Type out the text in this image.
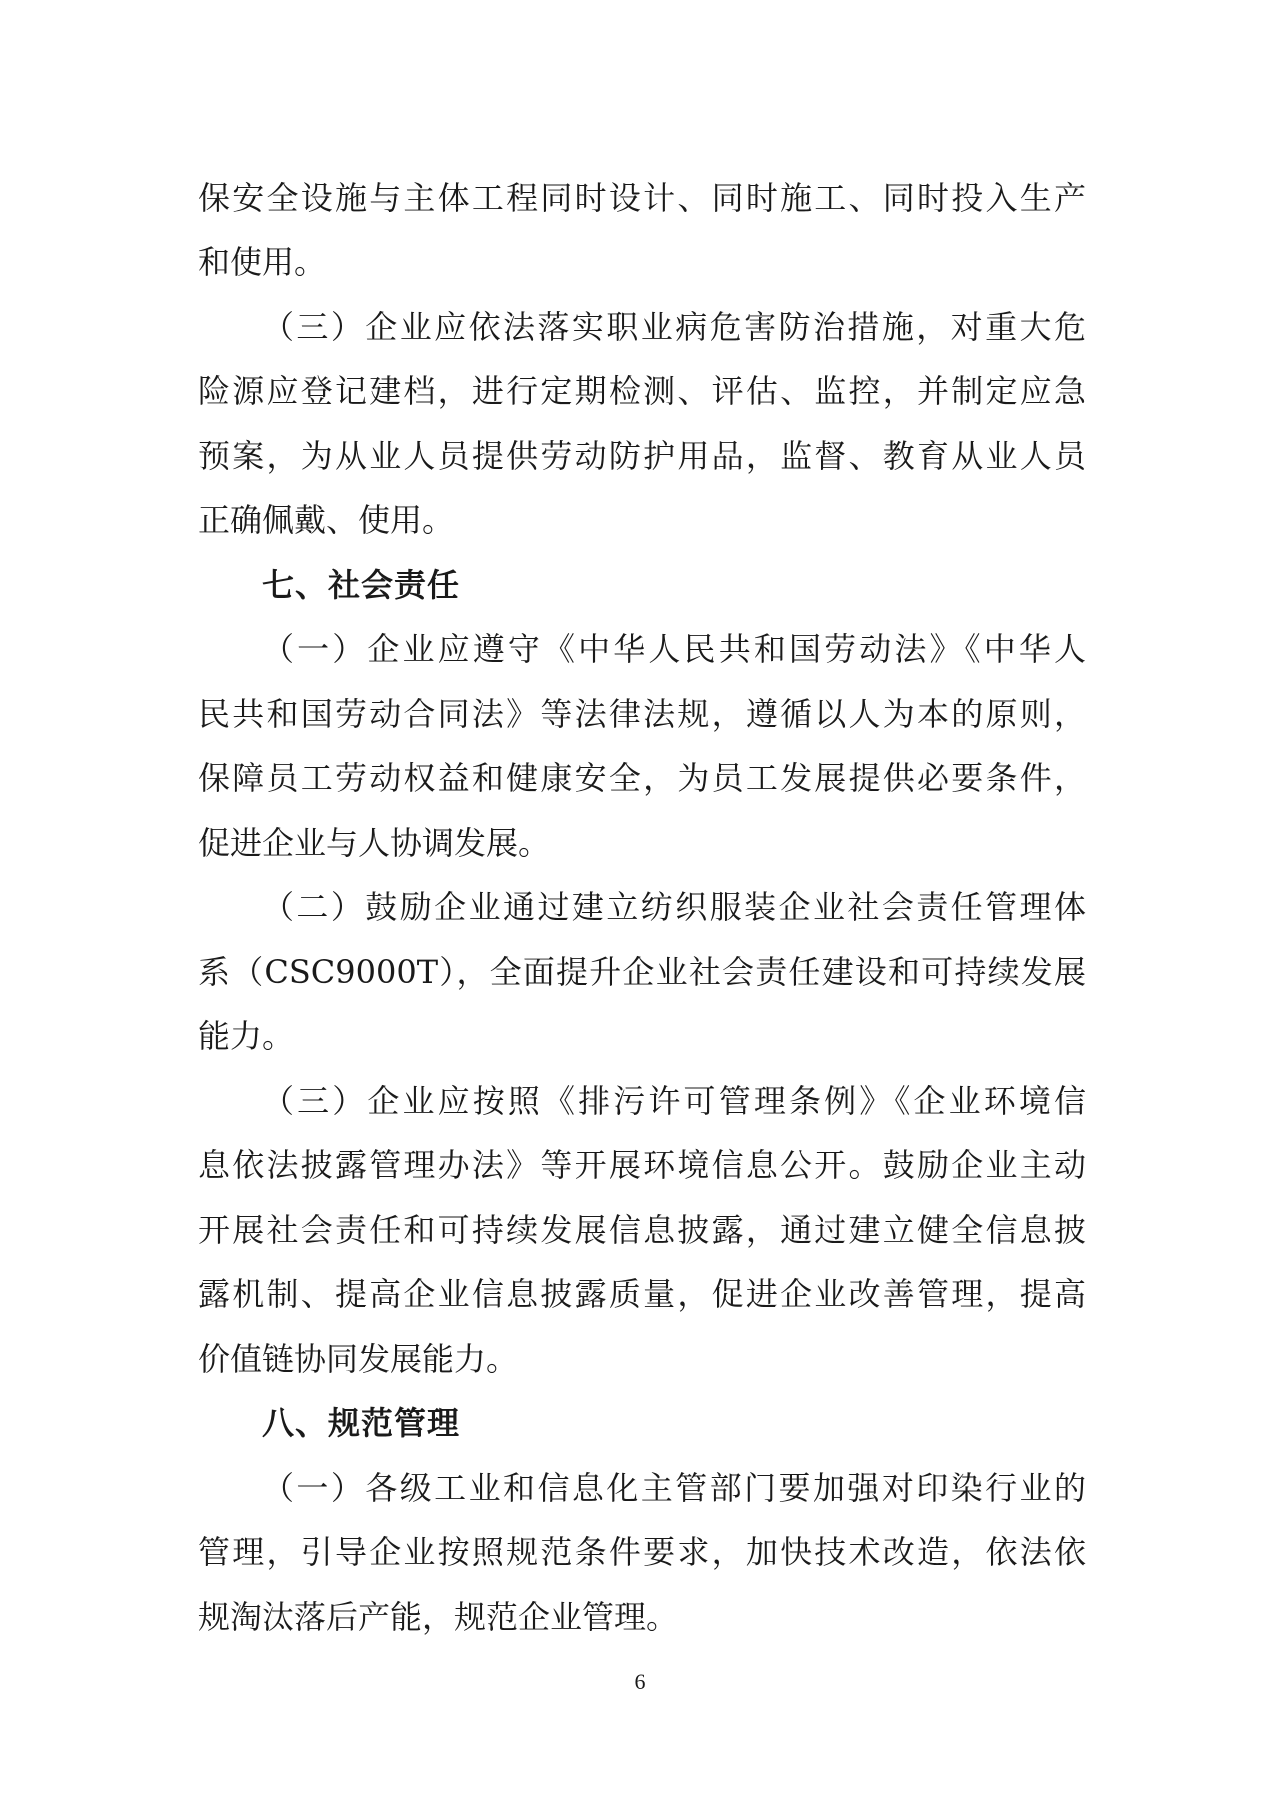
保安全设施与主体工程同时设计、同时施工、同时投入生产
和使用。
（三）企业应依法落实职业病危害防治措施，对重大危
险源应登记建档，进行定期检测、评估、监控，并制定应急
预案，为从业人员提供劳动防护用品，监督、教育从业人员
正确佩戴、使用。
七、社会责任
（一）企业应遵守《中华人民共和国劳动法》《中华人
民共和国劳动合同法》等法律法规，遵循以人为本的原则，
保障员工劳动权益和健康安全，为员工发展提供必要条件，
促进企业与人协调发展。
（二）鼓励企业通过建立纺织服装企业社会责任管理体
系（CSC9000T），全面提升企业社会责任建设和可持续发展
能力。
（三）企业应按照《排污许可管理条例》《企业环境信
息依法披露管理办法》等开展环境信息公开。鼓励企业主动
开展社会责任和可持续发展信息披露，通过建立健全信息披
露机制、提高企业信息披露质量，促进企业改善管理，提高
价值链协同发展能力。
八、规范管理
（一）各级工业和信息化主管部门要加强对印染行业的
管理，引导企业按照规范条件要求，加快技术改造，依法依
规淘汰落后产能，规范企业管理。
6
